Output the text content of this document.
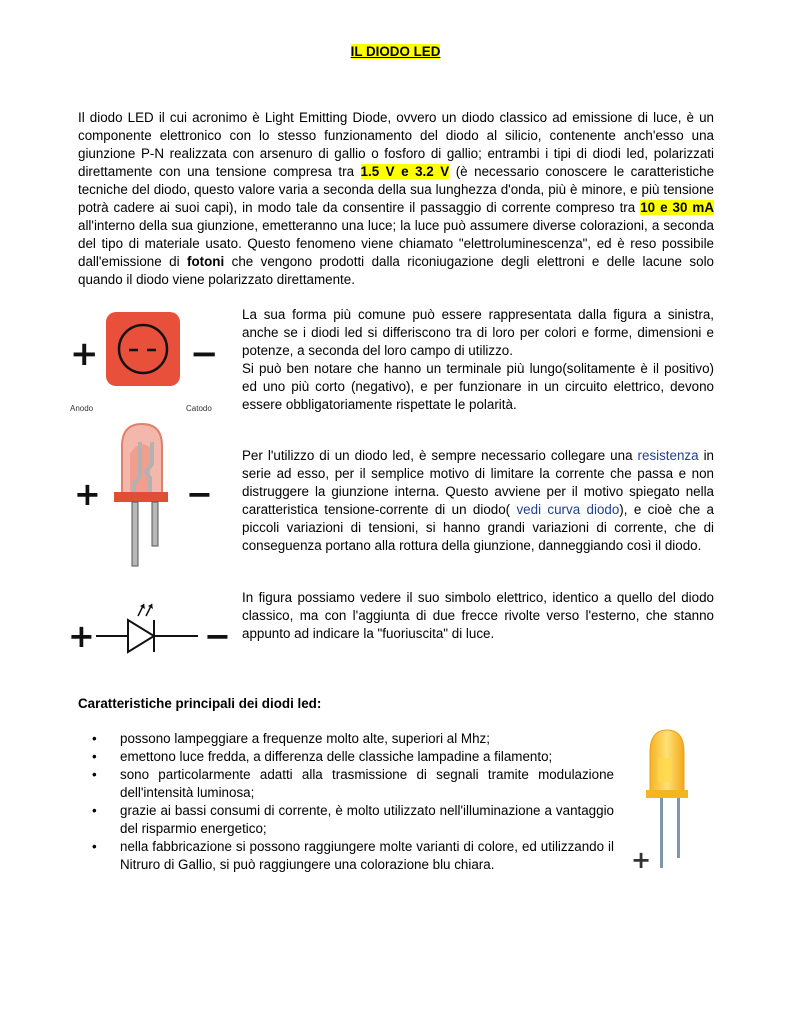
IL DIODO LED

Il diodo LED il cui acronimo è Light Emitting Diode, ovvero un diodo classico ad emissione di luce, è un componente elettronico con lo stesso funzionamento del diodo al silicio, contenente anch'esso una giunzione P-N realizzata con arsenuro di gallio o fosforo di gallio; entrambi i tipi di diodi led, polarizzati direttamente con una tensione compresa tra 1.5 V e 3.2 V (è necessario conoscere le caratteristiche tecniche del diodo, questo valore varia a seconda della sua lunghezza d'onda, più è minore, e più tensione potrà cadere ai suoi capi), in modo tale da consentire il passaggio di corrente compreso tra 10 e 30 mA all'interno della sua giunzione, emetteranno una luce; la luce può assumere diverse colorazioni, a seconda del tipo di materiale usato. Questo fenomeno viene chiamato "elettroluminescenza", ed è reso possibile dall'emissione di fotoni che vengono prodotti dalla riconiugazione degli elettroni e delle lacune solo quando il diodo viene polarizzato direttamente.

La sua forma più comune può essere rappresentata dalla figura a sinistra, anche se i diodi led si differiscono tra di loro per colori e forme, dimensioni e potenze, a seconda del loro campo di utilizzo.
Si può ben notare che hanno un terminale più lungo(solitamente è il positivo) ed uno più corto (negativo), e per funzionare in un circuito elettrico, devono essere obbligatoriamente rispettate le polarità.

Per l'utilizzo di un diodo led, è sempre necessario collegare una resistenza in serie ad esso, per il semplice motivo di limitare la corrente che passa e non distruggere la giunzione interna. Questo avviene per il motivo spiegato nella caratteristica tensione-corrente di un diodo( vedi curva diodo), e cioè che a piccoli variazioni di tensioni, si hanno grandi variazioni di corrente, che di conseguenza portano alla rottura della giunzione, danneggiando così il diodo.

In figura possiamo vedere il suo simbolo elettrico, identico a quello del diodo classico, ma con l'aggiunta di due frecce rivolte verso l'esterno, che stanno appunto ad indicare la "fuoriuscita" di luce.

+	−
Anodo	Catodo
+	−
+	−
Caratteristiche principali dei diodi led:
• possono lampeggiare a frequenze molto alte, superiori al Mhz;
• emettono luce fredda, a differenza delle classiche lampadine a filamento;
• sono particolarmente adatti alla trasmissione di segnali tramite modulazione dell'intensità luminosa;
• grazie ai bassi consumi di corrente, è molto utilizzato nell'illuminazione a vantaggio del risparmio energetico;
• nella fabbricazione si possono raggiungere molte varianti di colore, ed utilizzando il Nitruro di Gallio, si può raggiungere una colorazione blu chiara.	+
